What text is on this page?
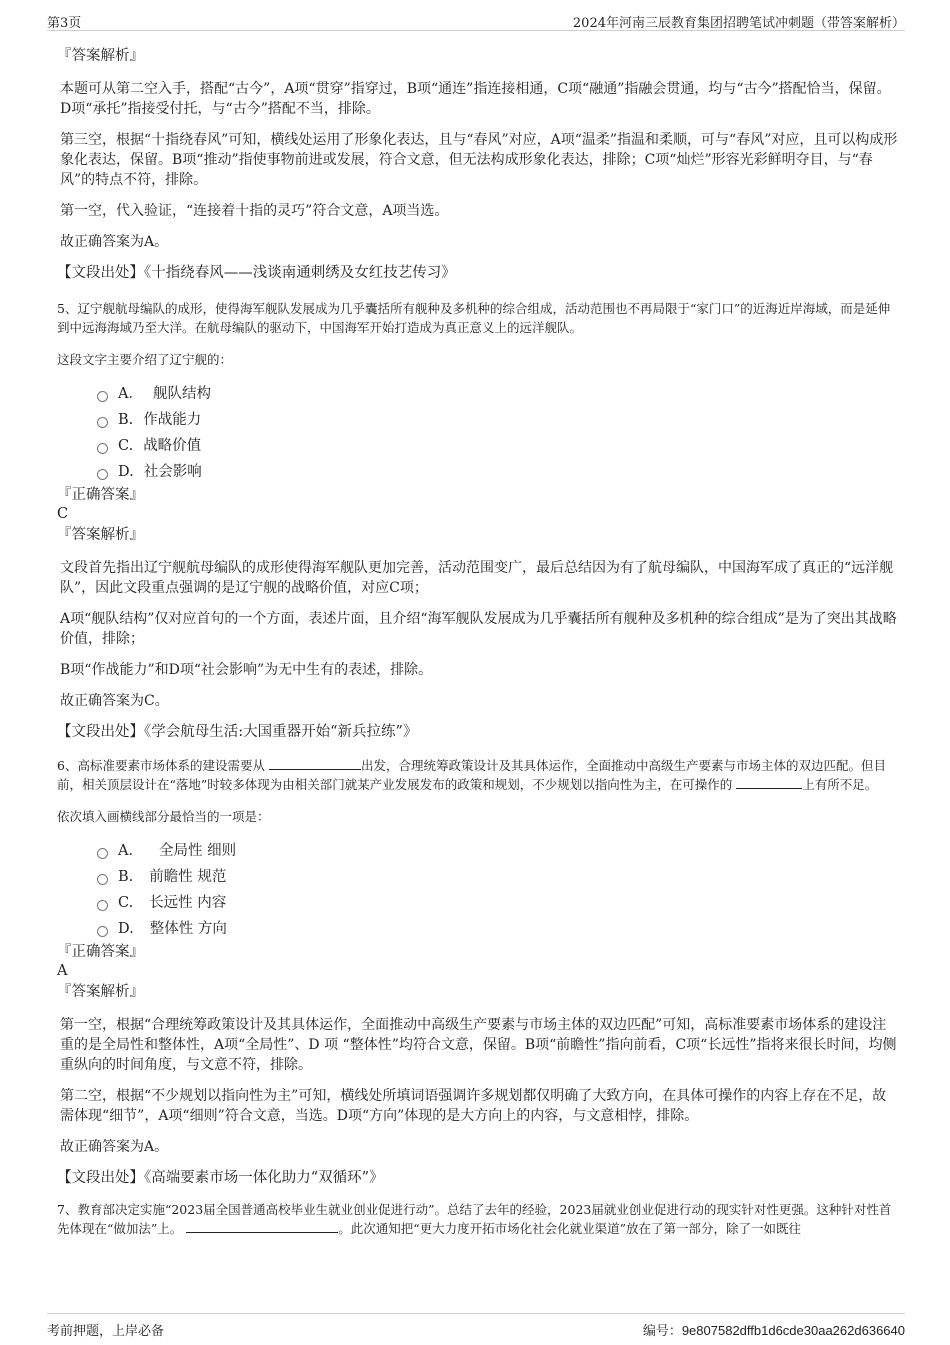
第3页	2024年河南三辰教育集团招聘笔试冲刺题（带答案解析）
『答案解析』
本题可从第二空入手，搭配“古今”，A项“贯穿”指穿过，B项“通连”指连接相通，C项“融通”指融会贯通，均与“古今”搭配恰当，保留。D项“承托”指接受付托，与“古今”搭配不当，排除。
第三空，根据“十指绕春风”可知，横线处运用了形象化表达，且与“春风”对应，A项“温柔”指温和柔顺，可与“春风”对应，且可以构成形象化表达，保留。B项“推动”指使事物前进或发展，符合文意，但无法构成形象化表达，排除；C项“灿烂”形容光彩鲜明夺目，与“春风”的特点不符，排除。
第一空，代入验证，“连接着十指的灵巧”符合文意，A项当选。
故正确答案为A。
【文段出处】《十指绕春风——浅谈南通刺绣及女红技艺传习》
5、辽宁舰航母编队的成形，使得海军舰队发展成为几乎囊括所有舰种及多机种的综合组成，活动范围也不再局限于“家门口”的近海近岸海域，而是延伸到中远海海域乃至大洋。在航母编队的驱动下，中国海军开始打造成为真正意义上的远洋舰队。
这段文字主要介绍了辽宁舰的：
A． 舰队结构
B. 作战能力
C. 战略价值
D. 社会影响
『正确答案』
C
『答案解析』
文段首先指出辽宁舰航母编队的成形使得海军舰队更加完善，活动范围变广，最后总结因为有了航母编队，中国海军成了真正的“远洋舰队”，因此文段重点强调的是辽宁舰的战略价值，对应C项；
A项“舰队结构”仅对应首句的一个方面，表述片面，且介绍“海军舰队发展成为几乎囊括所有舰种及多机种的综合组成”是为了突出其战略价值，排除；
B项“作战能力”和D项“社会影响”为无中生有的表述，排除。
故正确答案为C。
【文段出处】《学会航母生活:大国重器开始“新兵拉练”》
6、高标准要素市场体系的建设需要从	出发，合理统筹政策设计及其具体运作，全面推动中高级生产要素与市场主体的双边匹配。但目前，相关顶层设计在“落地”时较多体现为由相关部门就某产业发展发布的政策和规划，不少规划以指向性为主，在可操作的	上有所不足。
依次填入画横线部分最恰当的一项是：
A． 全局性 细则
B. 前瞻性 规范
C. 长远性 内容
D. 整体性 方向
『正确答案』
A
『答案解析』
第一空，根据“合理统筹政策设计及其具体运作，全面推动中高级生产要素与市场主体的双边匹配”可知，高标准要素市场体系的建设注重的是全局性和整体性，A项“全局性”、D 项 “整体性”均符合文意，保留。B项“前瞻性”指向前看，C项“长远性”指将来很长时间，均侧重纵向的时间角度，与文意不符，排除。
第二空，根据“不少规划以指向性为主”可知，横线处所填词语强调许多规划都仅明确了大致方向，在具体可操作的内容上存在不足，故需体现“细节”，A项“细则”符合文意，当选。D项“方向”体现的是大方向上的内容，与文意相悖，排除。
故正确答案为A。
【文段出处】《高端要素市场一体化助力“双循环”》
7、教育部决定实施“2023届全国普通高校毕业生就业创业促进行动”。总结了去年的经验，2023届就业创业促进行动的现实针对性更强。这种针对性首先体现在“做加法”上。	。此次通知把“更大力度开拓市场化社会化就业渠道”放在了第一部分，除了一如既往
考前押题，上岸必备	编号：9e807582dffb1d6cde30aa262d636640
